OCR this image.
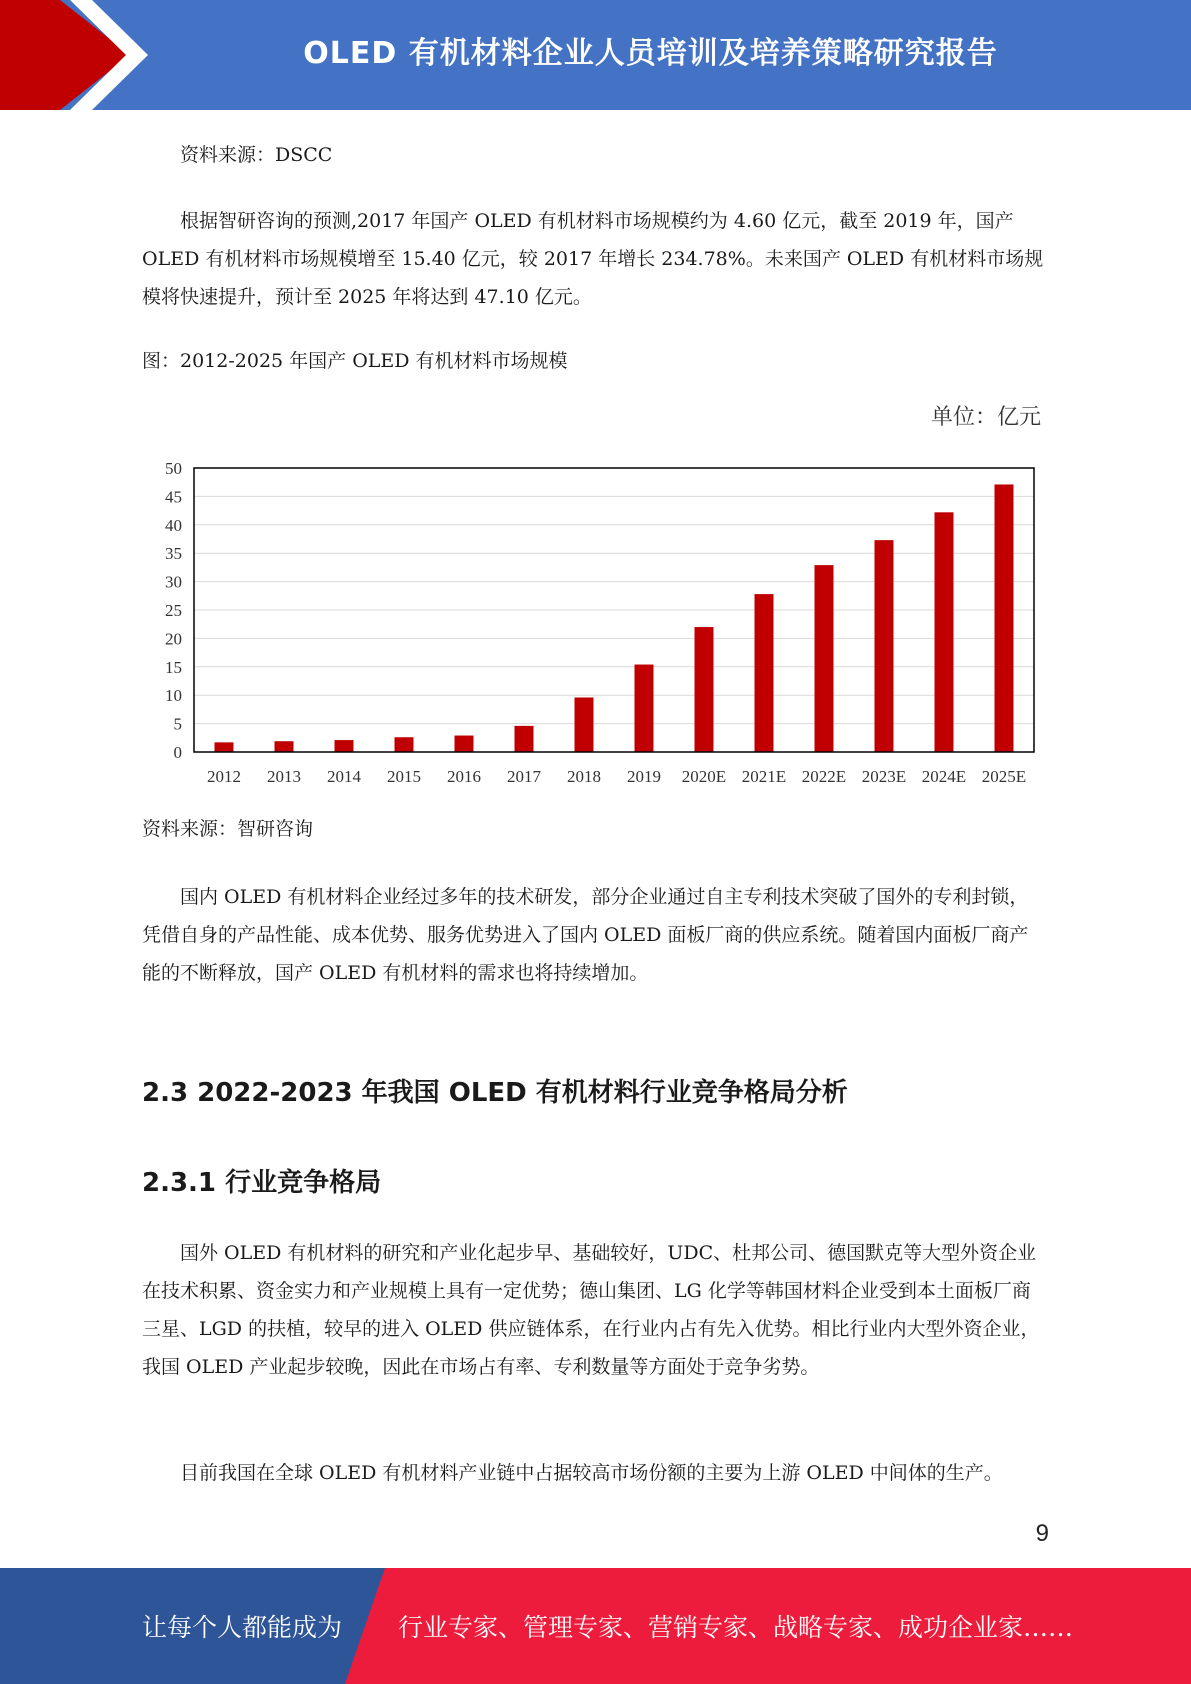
OLED 有机材料企业人员培训及培养策略研究报告
资料来源：DSCC

根据智研咨询的预测,2017 年国产 OLED 有机材料市场规模约为 4.60 亿元，截至 2019 年，国产 OLED 有机材料市场规模增至 15.40 亿元，较 2017 年增长 234.78%。未来国产 OLED 有机材料市场规模将快速提升，预计至 2025 年将达到 47.10 亿元。

图：2012-2025 年国产 OLED 有机材料市场规模
单位：亿元
0
5
10
15
20
25
30
35
40
45
50
2012 2013 2014 2015 2016 2017 2018 2019 2020E 2021E 2022E 2023E 2024E 2025E
资料来源：智研咨询

国内 OLED 有机材料企业经过多年的技术研发，部分企业通过自主专利技术突破了国外的专利封锁，凭借自身的产品性能、成本优势、服务优势进入了国内 OLED 面板厂商的供应系统。随着国内面板厂商产能的不断释放，国产 OLED 有机材料的需求也将持续增加。

2.3 2022-2023 年我国 OLED 有机材料行业竞争格局分析
2.3.1 行业竞争格局

国外 OLED 有机材料的研究和产业化起步早、基础较好，UDC、杜邦公司、德国默克等大型外资企业在技术积累、资金实力和产业规模上具有一定优势；德山集团、LG 化学等韩国材料企业受到本土面板厂商三星、LGD 的扶植，较早的进入 OLED 供应链体系，在行业内占有先入优势。相比行业内大型外资企业，我国 OLED 产业起步较晚，因此在市场占有率、专利数量等方面处于竞争劣势。

目前我国在全球 OLED 有机材料产业链中占据较高市场份额的主要为上游 OLED 中间体的生产。

9
让每个人都能成为 行业专家、管理专家、营销专家、战略专家、成功企业家……
